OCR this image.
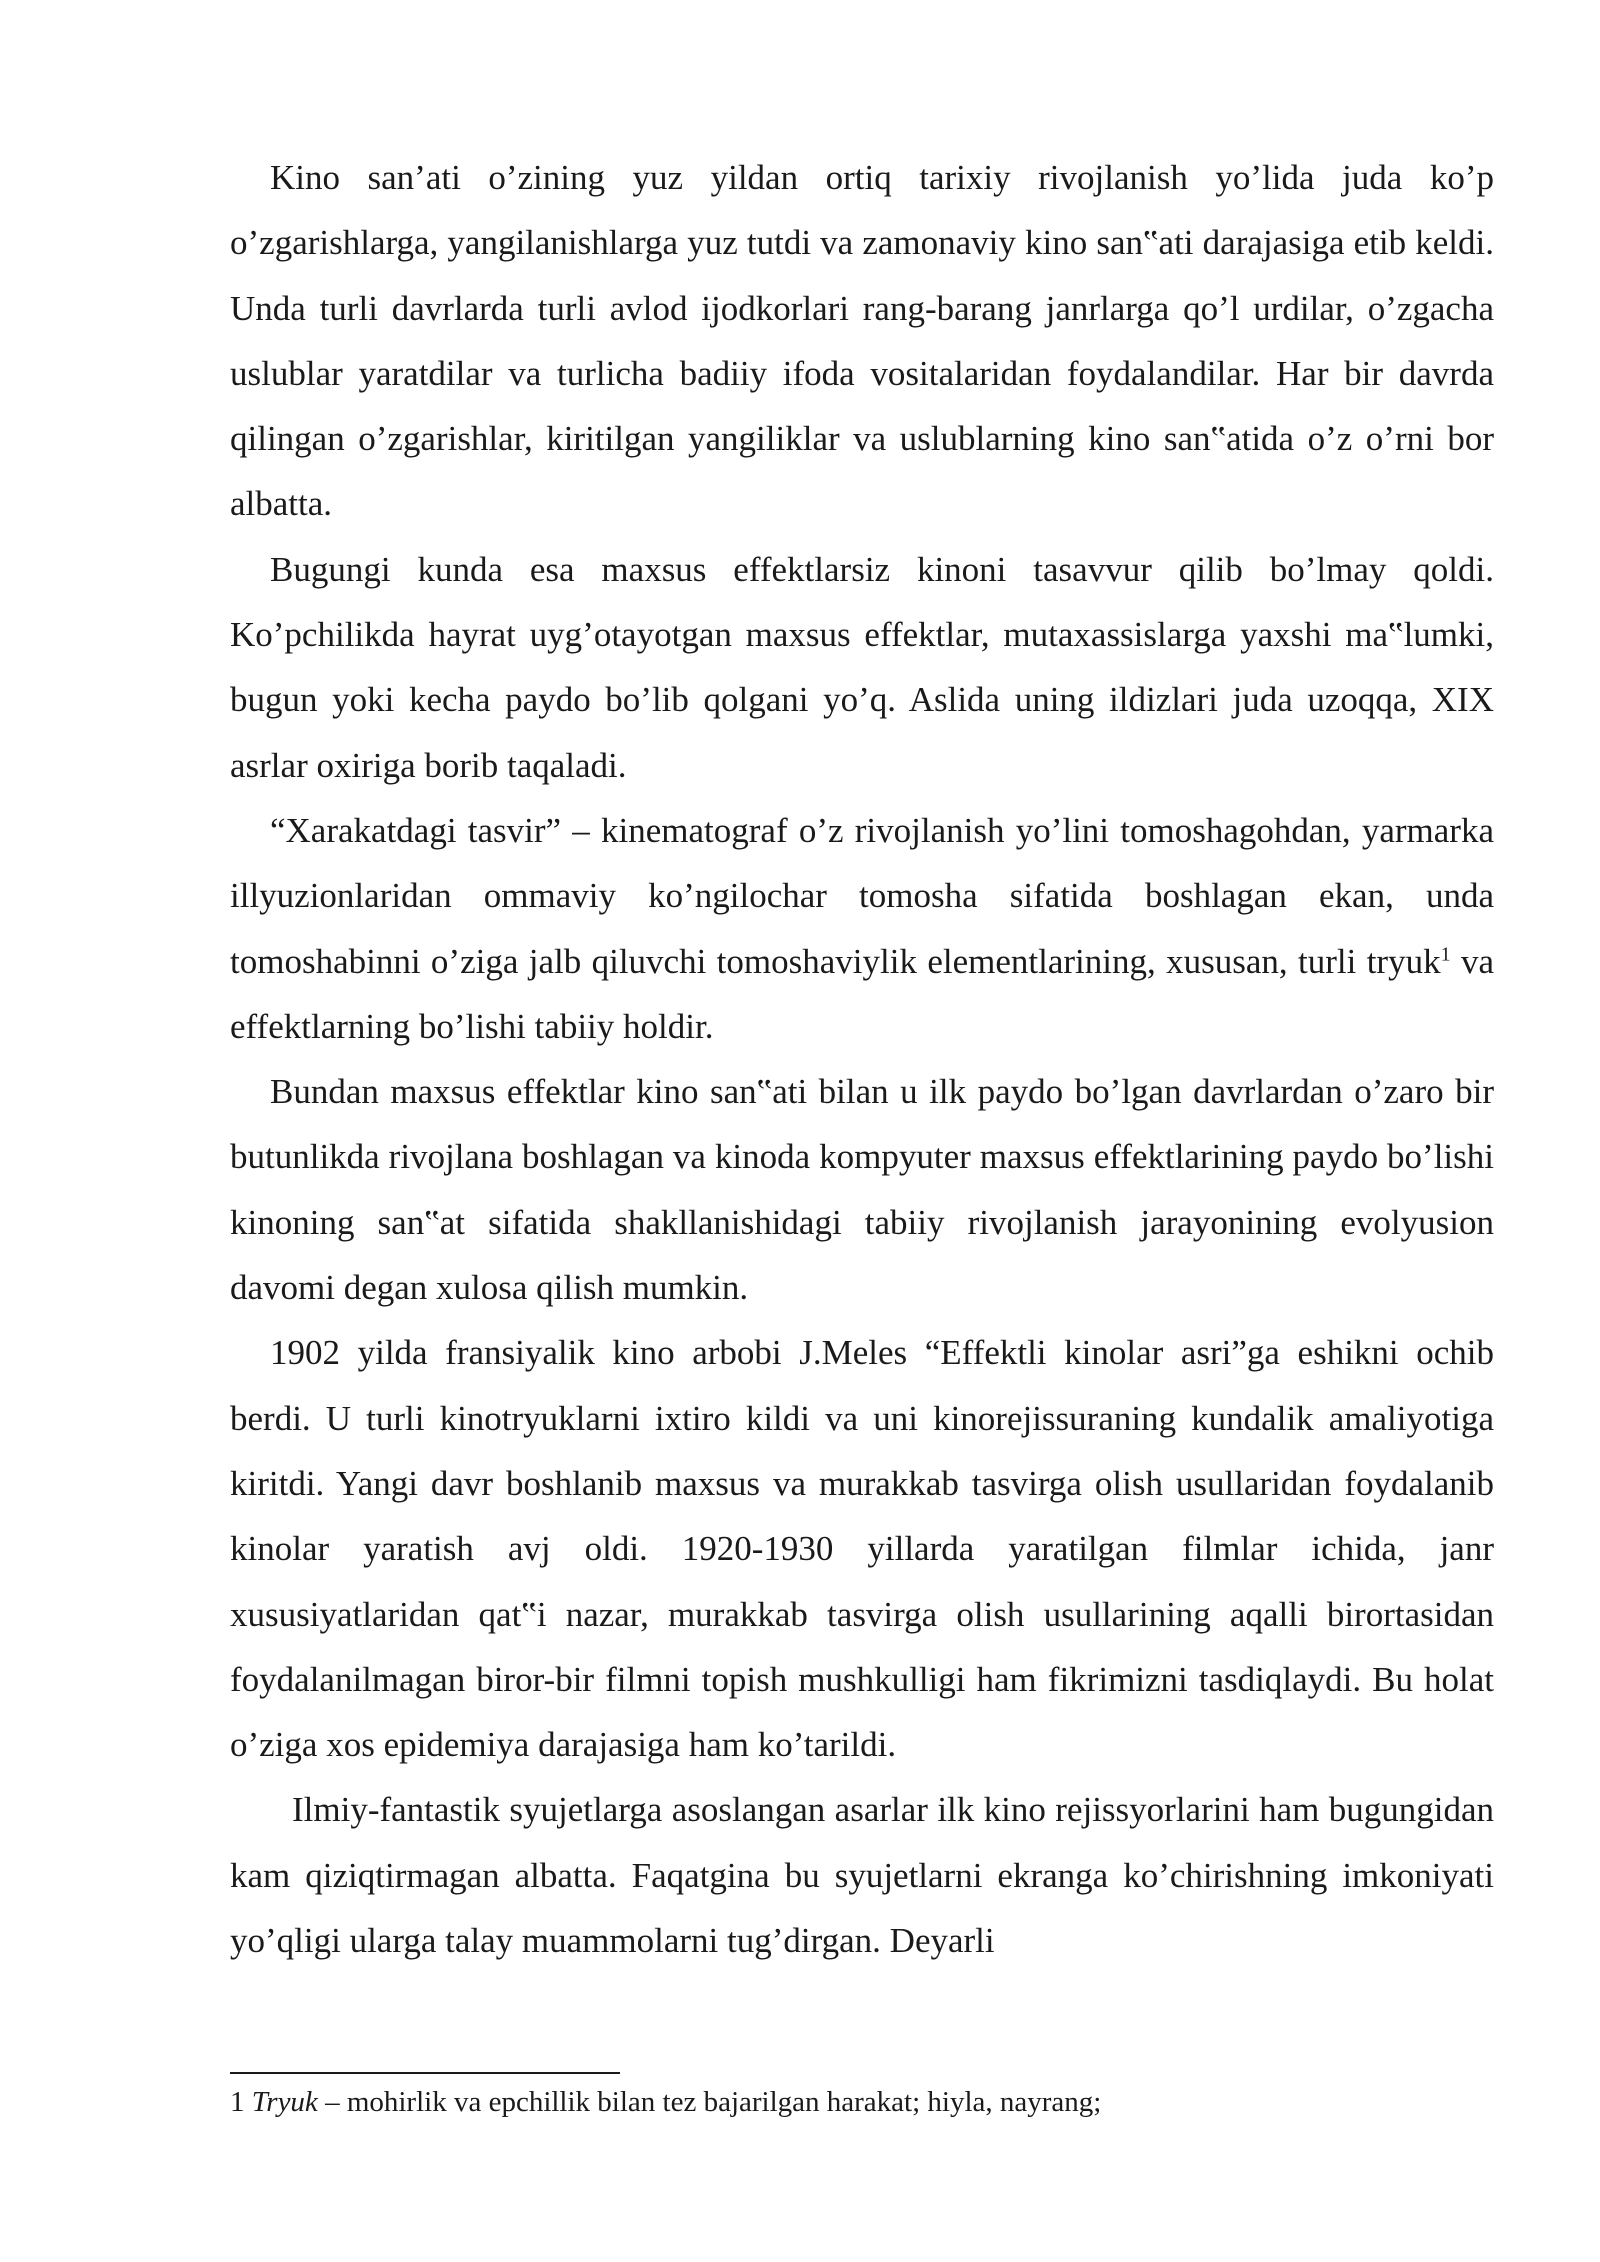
Kino san’ati o’zining yuz yildan ortiq tarixiy rivojlanish yo’lida juda ko’p o’zgarishlarga, yangilanishlarga yuz tutdi va zamonaviy kino san‟ati darajasiga etib keldi. Unda turli davrlarda turli avlod ijodkorlari rang-barang janrlarga qo’l urdilar, o’zgacha uslublar yaratdilar va turlicha badiiy ifoda vositalaridan foydalandilar. Har bir davrda qilingan o’zgarishlar, kiritilgan yangiliklar va uslublarning kino san‟atida o’z o’rni bor albatta.

Bugungi kunda esa maxsus effektlarsiz kinoni tasavvur qilib bo’lmay qoldi. Ko’pchilikda hayrat uyg’otayotgan maxsus effektlar, mutaxassislarga yaxshi ma‟lumki, bugun yoki kecha paydo bo’lib qolgani yo’q. Aslida uning ildizlari juda uzoqqa, XIX asrlar oxiriga borib taqaladi.

“Xarakatdagi tasvir” – kinematograf o’z rivojlanish yo’lini tomoshagohdan, yarmarka illyuzionlaridan ommaviy ko’ngilochar tomosha sifatida boshlagan ekan, unda tomoshabinni o’ziga jalb qiluvchi tomoshaviylik elementlarining, xususan, turli tryuk$^1$ va effektlarning bo’lishi tabiiy holdir.

Bundan maxsus effektlar kino san‟ati bilan u ilk paydo bo’lgan davrlardan o’zaro bir butunlikda rivojlana boshlagan va kinoda kompyuter maxsus effektlarining paydo bo’lishi kinoning san‟at sifatida shakllanishidagi tabiiy rivojlanish jarayonining evolyusion davomi degan xulosa qilish mumkin.

1902 yilda fransiyalik kino arbobi J.Meles “Effektli kinolar asri”ga eshikni ochib berdi. U turli kinotryuklarni ixtiro kildi va uni kinorejissuraning kundalik amaliyotiga kiritdi. Yangi davr boshlanib maxsus va murakkab tasvirga olish usullaridan foydalanib kinolar yaratish avj oldi. 1920-1930 yillarda yaratilgan filmlar ichida, janr xususiyatlaridan qat‟i nazar, murakkab tasvirga olish usullarining aqalli birortasidan foydalanilmagan biror-bir filmni topish mushkulligi ham fikrimizni tasdiqlaydi. Bu holat o’ziga xos epidemiya darajasiga ham ko’tarildi.

Ilmiy-fantastik syujetlarga asoslangan asarlar ilk kino rejissyorlarini ham bugungidan kam qiziqtirmagan albatta. Faqatgina bu syujetlarni ekranga ko’chirishning imkoniyati yo’qligi ularga talay muammolarni tug’dirgan. Deyarli

1 Tryuk – mohirlik va epchillik bilan tez bajarilgan harakat; hiyla, nayrang;
